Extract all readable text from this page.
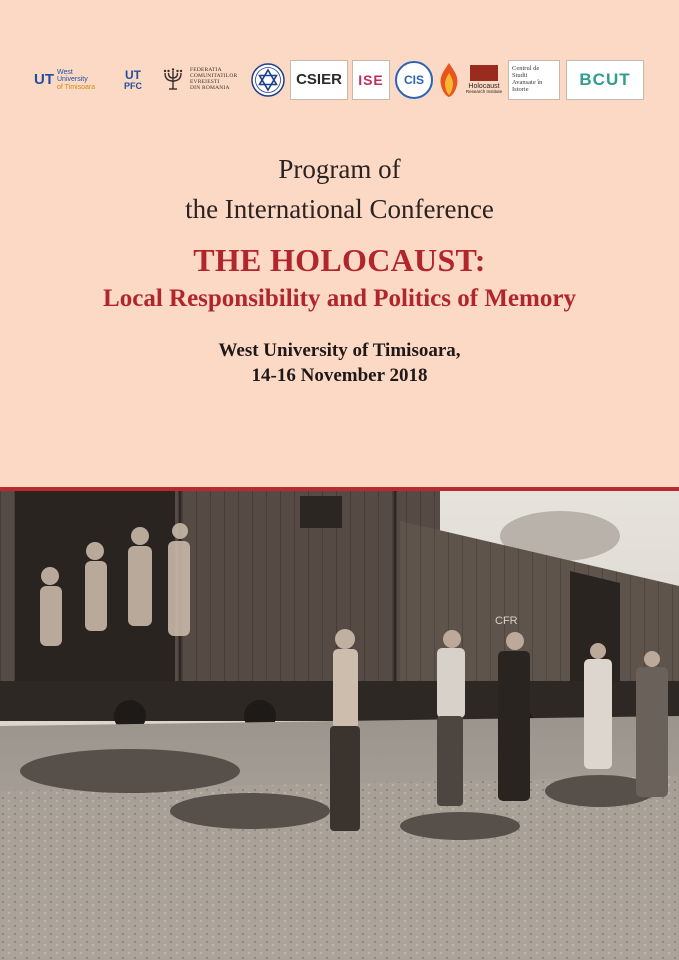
UT West University
of Timisoara
UT
PFC
FEDERATIA
COMUNITATILOR
EVREIESTI
DIN ROMANIA	CSIER ISE CIS	Holocaust
Research Institute
Centrul de
Studii
Avansate în
Istorie
BCUT
Program of
the International Conference
THE HOLOCAUST:
Local Responsibility and Politics of Memory
West University of Timisoara,
14-16 November 2018
CFR
